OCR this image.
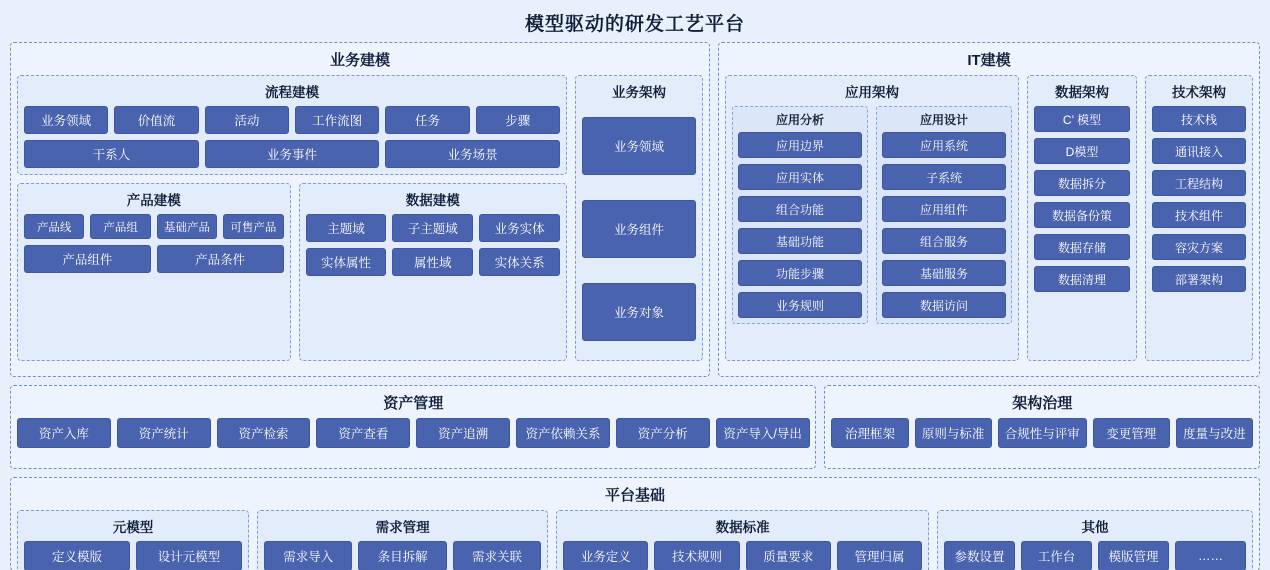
模型驱动的研发工艺平台
业务建模
流程建模
业务领域	价值流	活动	工作流图	任务	步骤
干系人	业务事件	业务场景
产品建模
产品线	产品组	基础产品	可售产品
产品组件	产品条件
数据建模
主题域	子主题域	业务实体
实体属性	属性域	实体关系
业务架构
业务领域
业务组件
业务对象
IT建模
应用架构
应用分析
应用边界
应用实体
组合功能
基础功能
功能步骤
业务规则
应用设计
应用系统
子系统
应用组件
组合服务
基础服务
数据访问
数据架构
C’ 模型
D模型
数据拆分
数据备份策
数据存储
数据清理
技术架构
技术栈
通讯接入
工程结构
技术组件
容灾方案
部署架构
资产管理
资产入库	资产统计	资产检索	资产查看	资产追溯	资产依赖关系	资产分析	资产导入/导出
架构治理
治理框架	原则与标准	合规性与评审	变更管理	度量与改进
平台基础
元模型
定义模版	设计元模型
需求管理
需求导入	条目拆解	需求关联
数据标准
业务定义	技术规则	质量要求	管理归属
其他
参数设置	工作台	模版管理	……
